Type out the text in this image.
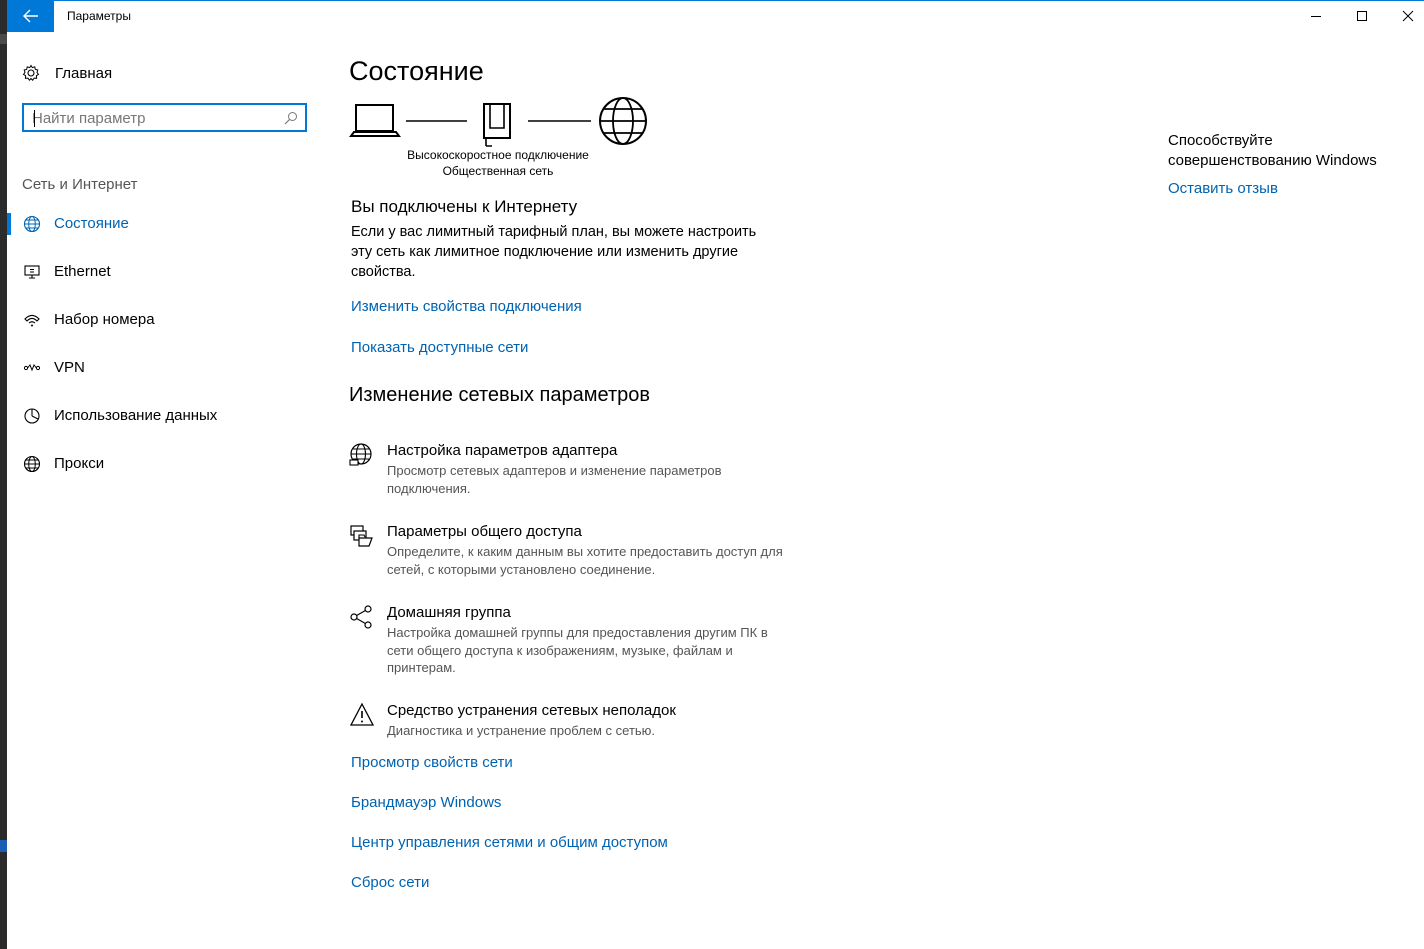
Параметры
Главная
Найти параметр
Сеть и Интернет
Состояние
Ethernet
Набор номера
VPN
Использование данных
Прокси
Состояние
Высокоскоростное подключение
Общественная сеть
Вы подключены к Интернету
Если у вас лимитный тарифный план, вы можете настроить эту сеть как лимитное подключение или изменить другие свойства.
Изменить свойства подключения
Показать доступные сети
Изменение сетевых параметров
Настройка параметров адаптера
Просмотр сетевых адаптеров и изменение параметров подключения.
Параметры общего доступа
Определите, к каким данным вы хотите предоставить доступ для сетей, с которыми установлено соединение.
Домашняя группа
Настройка домашней группы для предоставления другим ПК в сети общего доступа к изображениям, музыке, файлам и принтерам.
Средство устранения сетевых неполадок
Диагностика и устранение проблем с сетью.
Просмотр свойств сети
Брандмауэр Windows
Центр управления сетями и общим доступом
Сброс сети
Способствуйте совершенствованию Windows
Оставить отзыв
